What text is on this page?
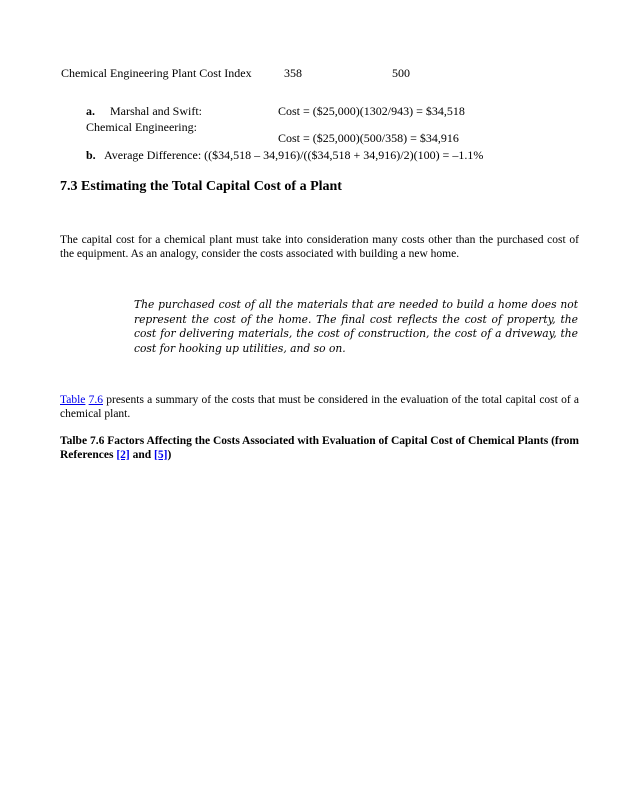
Chemical Engineering Plant Cost Index	358	500
a. Marshal and Swift:	Cost = ($25,000)(1302/943) = $34,518
Chemical Engineering:
Cost = ($25,000)(500/358) = $34,916
b. Average Difference: (($34,518 – 34,916)/(($34,518 + 34,916)/2)(100) = –1.1%
7.3 Estimating the Total Capital Cost of a Plant
The capital cost for a chemical plant must take into consideration many costs other than the purchased cost of the equipment. As an analogy, consider the costs associated with building a new home.
The purchased cost of all the materials that are needed to build a home does not represent the cost of the home. The final cost reflects the cost of property, the cost for delivering materials, the cost of construction, the cost of a driveway, the cost for hooking up utilities, and so on.
Table 7.6 presents a summary of the costs that must be considered in the evaluation of the total capital cost of a chemical plant.
Talbe 7.6 Factors Affecting the Costs Associated with Evaluation of Capital Cost of Chemical Plants (from References [2] and [5])
